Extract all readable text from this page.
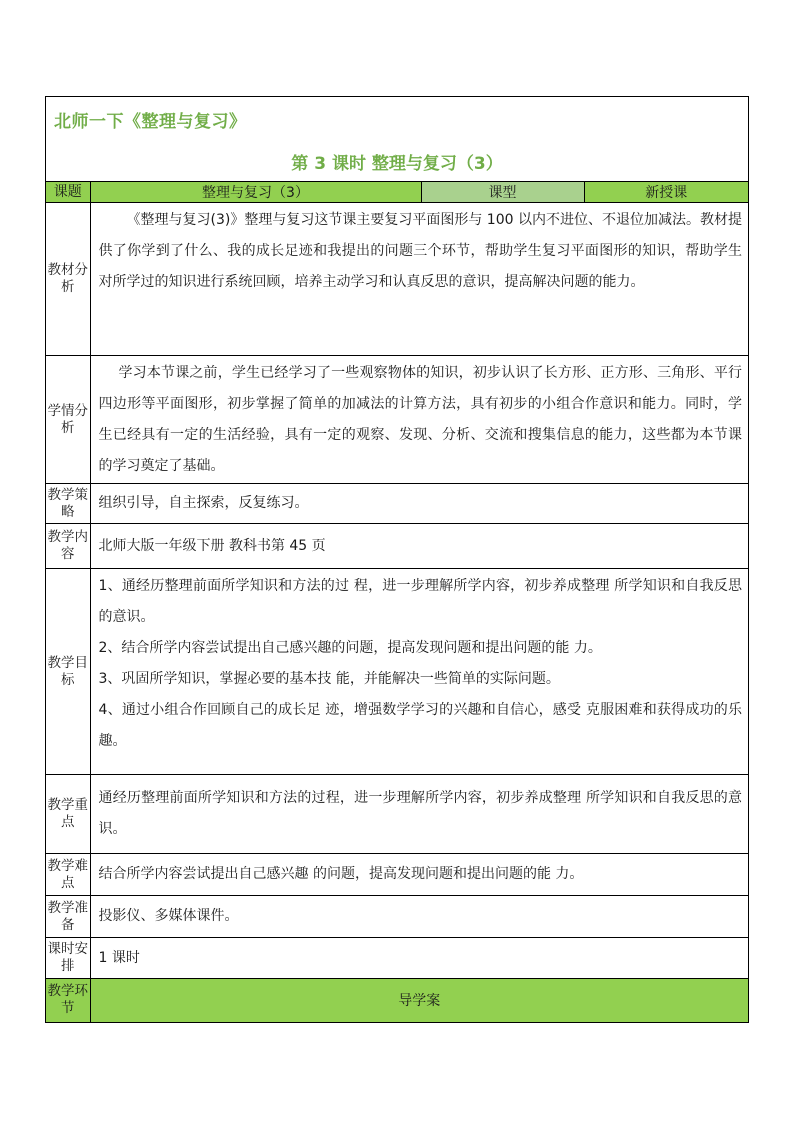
北师一下《整理与复习》
第 3 课时 整理与复习（3）
课题	整理与复习（3）	课型	新授课
教材分析	《整理与复习(3)》整理与复习这节课主要复习平面图形与 100 以内不进位、不退位加减法。教材提供了你学到了什么、我的成长足迹和我提出的问题三个环节，帮助学生复习平面图形的知识，帮助学生对所学过的知识进行系统回顾，培养主动学习和认真反思的意识，提高解决问题的能力。		

学情分析	学习本节课之前，学生已经学习了一些观察物体的知识，初步认识了长方形、正方形、三角形、平行四边形等平面图形，初步掌握了简单的加减法的计算方法，具有初步的小组合作意识和能力。同时，学生已经具有一定的生活经验，具有一定的观察、发现、分析、交流和搜集信息的能力，这些都为本节课的学习奠定了基础。		

教学策略	组织引导，自主探索，反复练习。		
教学内容	北师大版一年级下册 教科书第 45 页		
教学目标	1、通经历整理前面所学知识和方法的过 程，进一步理解所学内容，初步养成整理 所学知识和自我反思的意识。

2、结合所学内容尝试提出自己感兴趣的问题，提高发现问题和提出问题的能 力。

3、巩固所学知识，掌握必要的基本技 能，并能解决一些简单的实际问题。

4、通过小组合作回顾自己的成长足 迹，增强数学学习的兴趣和自信心，感受 克服困难和获得成功的乐趣。		

教学重点	通经历整理前面所学知识和方法的过程，进一步理解所学内容，初步养成整理 所学知识和自我反思的意识。		
教学难点	结合所学内容尝试提出自己感兴趣 的问题，提高发现问题和提出问题的能 力。		
教学准备	投影仪、多媒体课件。		
课时安排	1 课时		
教学环节	导学案		
